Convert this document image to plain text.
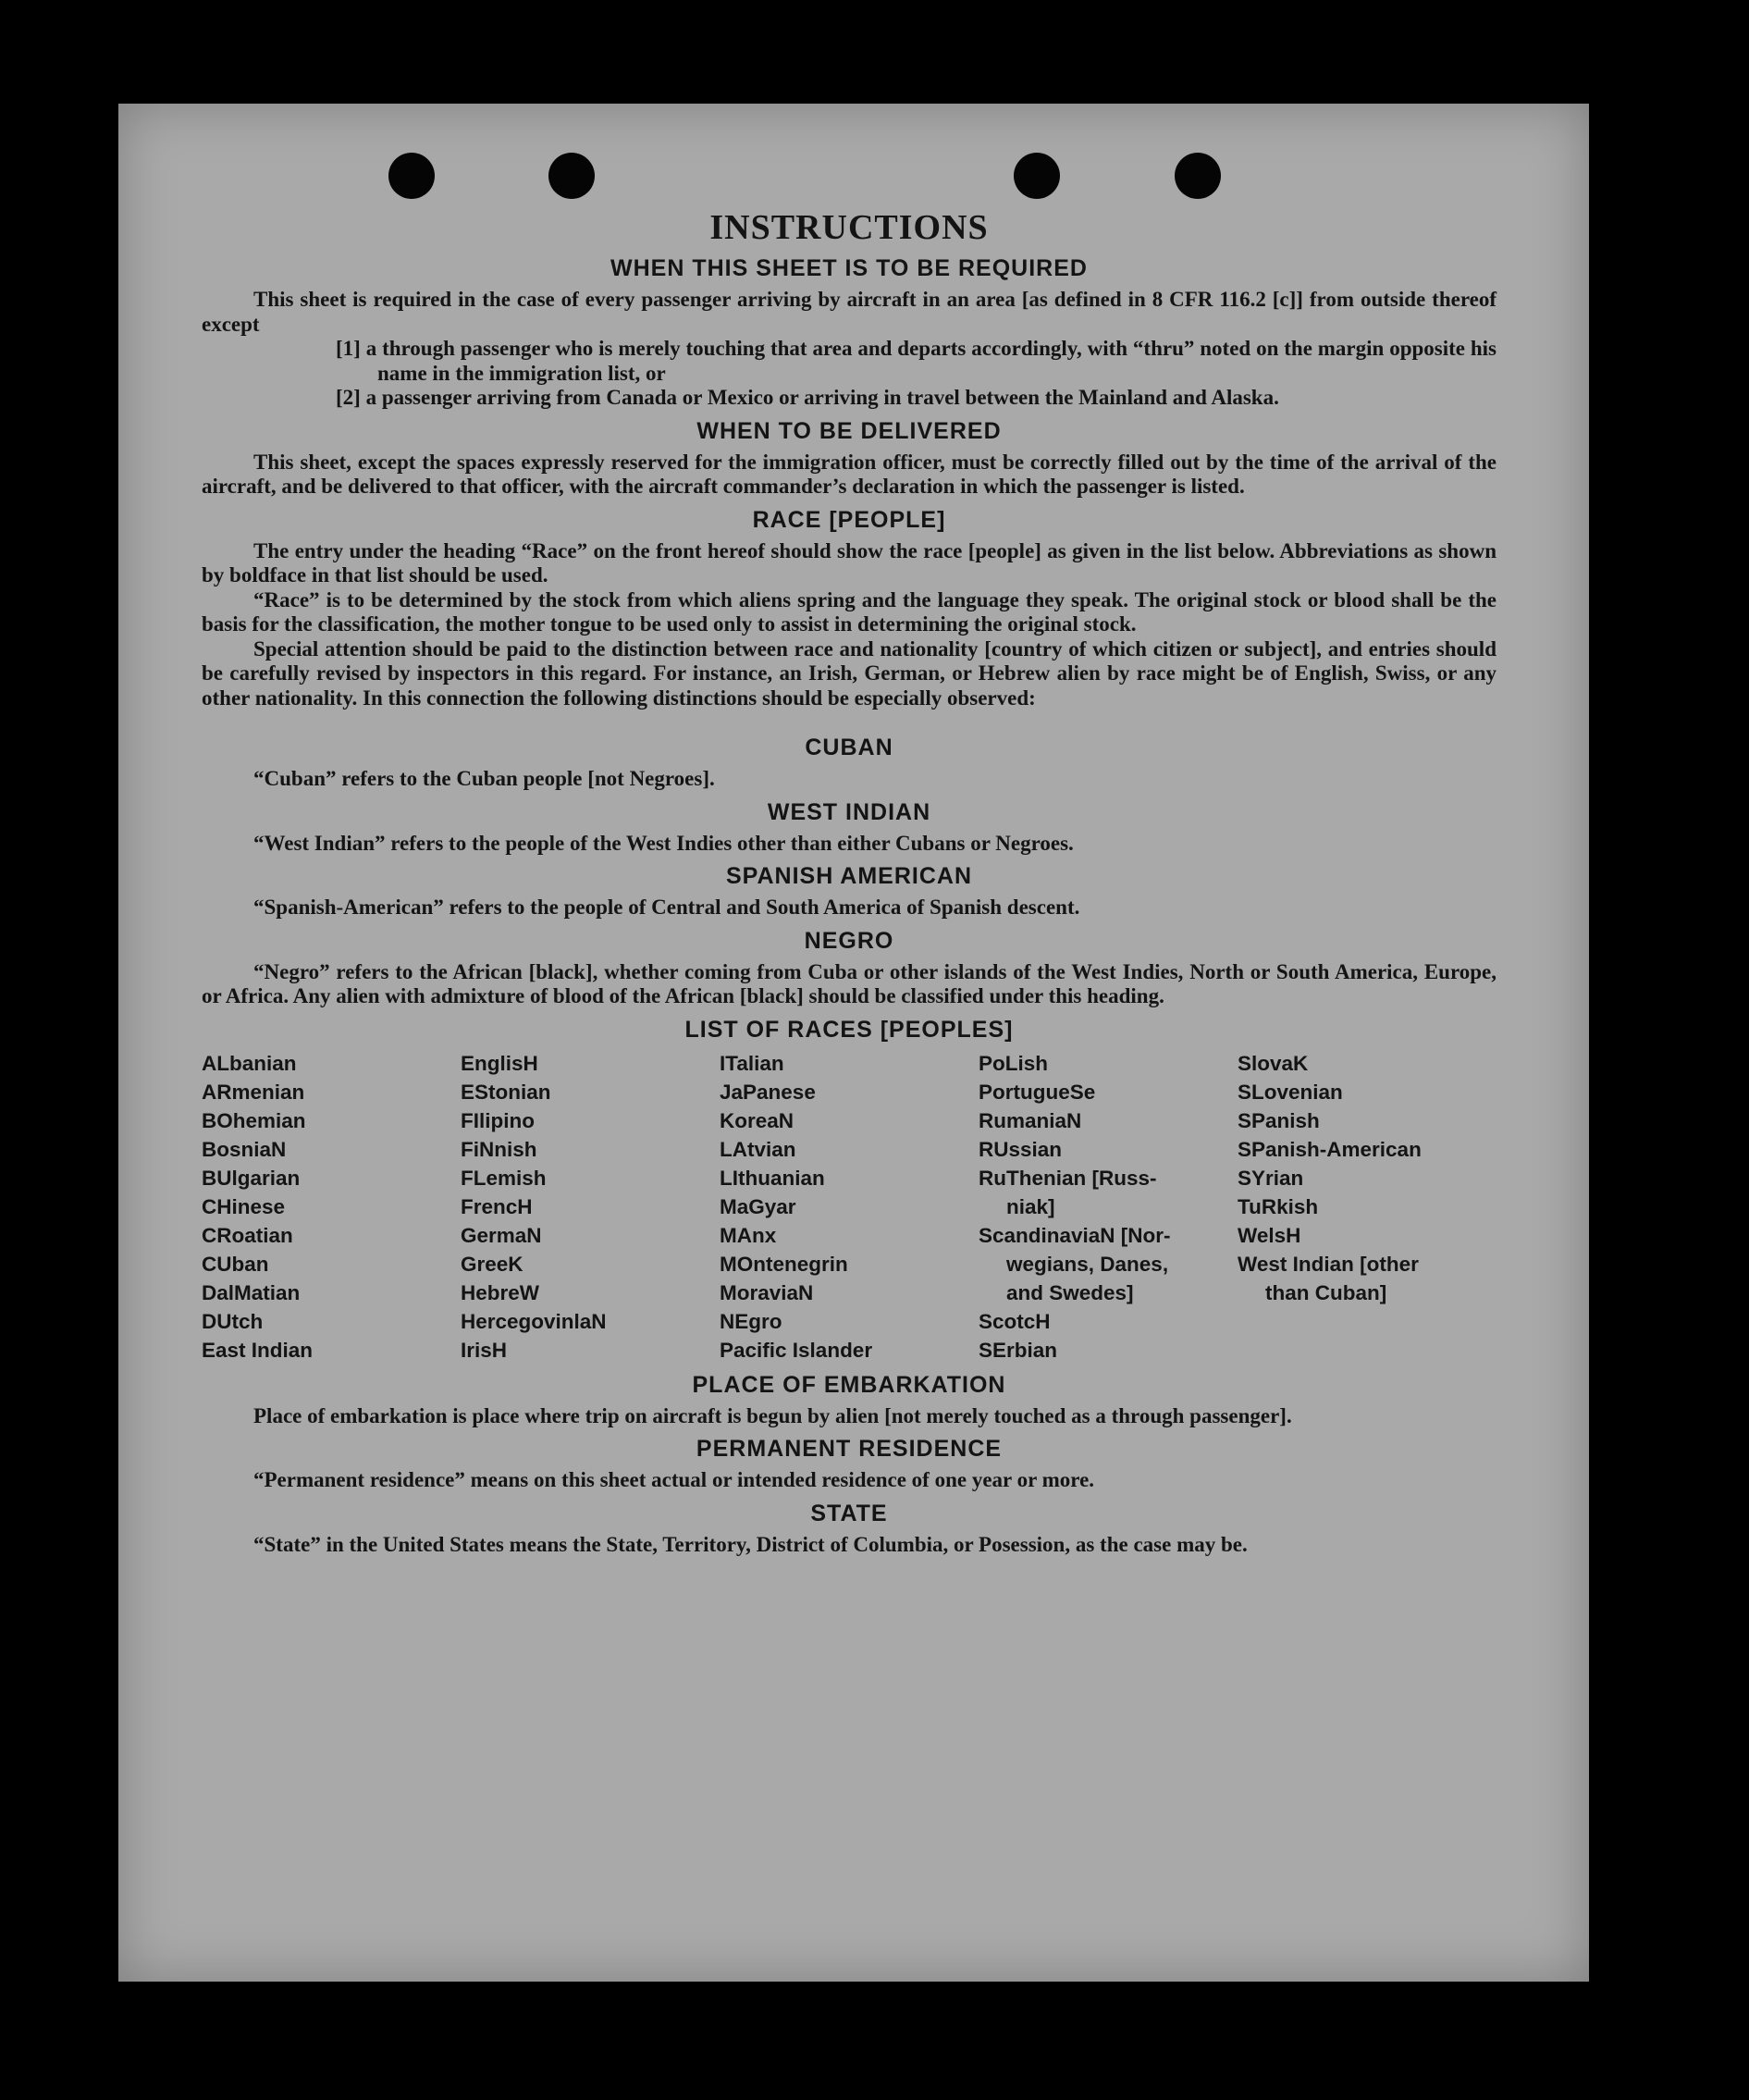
INSTRUCTIONS
WHEN THIS SHEET IS TO BE REQUIRED

This sheet is required in the case of every passenger arriving by aircraft in an area [as defined in 8 CFR 116.2 [c]] from outside thereof except

[1] a through passenger who is merely touching that area and departs accordingly, with “thru” noted on the margin opposite his name in the immigration list, or
[2] a passenger arriving from Canada or Mexico or arriving in travel between the Mainland and Alaska.
WHEN TO BE DELIVERED

This sheet, except the spaces expressly reserved for the immigration officer, must be correctly filled out by the time of the arrival of the aircraft, and be delivered to that officer, with the aircraft commander’s declaration in which the passenger is listed.

RACE [PEOPLE]

The entry under the heading “Race” on the front hereof should show the race [people] as given in the list below. Abbreviations as shown by boldface in that list should be used.

“Race” is to be determined by the stock from which aliens spring and the language they speak. The original stock or blood shall be the basis for the classification, the mother tongue to be used only to assist in determining the original stock.

Special attention should be paid to the distinction between race and nationality [country of which citizen or subject], and entries should be carefully revised by inspectors in this regard. For instance, an Irish, German, or Hebrew alien by race might be of English, Swiss, or any other nationality. In this connection the following distinctions should be especially observed:

CUBAN

“Cuban” refers to the Cuban people [not Negroes].

WEST INDIAN

“West Indian” refers to the people of the West Indies other than either Cubans or Negroes.

SPANISH AMERICAN

“Spanish-American” refers to the people of Central and South America of Spanish descent.

NEGRO

“Negro” refers to the African [black], whether coming from Cuba or other islands of the West Indies, North or South America, Europe, or Africa. Any alien with admixture of blood of the African [black] should be classified under this heading.

LIST OF RACES [PEOPLES]
ALbanian
ARmenian
BOhemian
BosniaN
BUlgarian
CHinese
CRoatian
CUban
DalMatian
DUtch
East Indian
EnglisH
EStonian
FIlipino
FiNnish
FLemish
FrencH
GermaN
GreeK
HebreW
HercegovinlaN
IrisH
ITalian
JaPanese
KoreaN
LAtvian
LIthuanian
MaGyar
MAnx
MOntenegrin
MoraviaN
NEgro
Pacific Islander
PoLish
PortugueSe
RumaniaN
RUssian
RuThenian [Russ-
niak]
ScandinaviaN [Nor-
wegians, Danes,
and Swedes]
ScotcH
SErbian
SlovaK
SLovenian
SPanish
SPanish-American
SYrian
TuRkish
WelsH
West Indian [other
than Cuban]
PLACE OF EMBARKATION

Place of embarkation is place where trip on aircraft is begun by alien [not merely touched as a through passenger].

PERMANENT RESIDENCE

“Permanent residence” means on this sheet actual or intended residence of one year or more.

STATE

“State” in the United States means the State, Territory, District of Columbia, or Posession, as the case may be.
